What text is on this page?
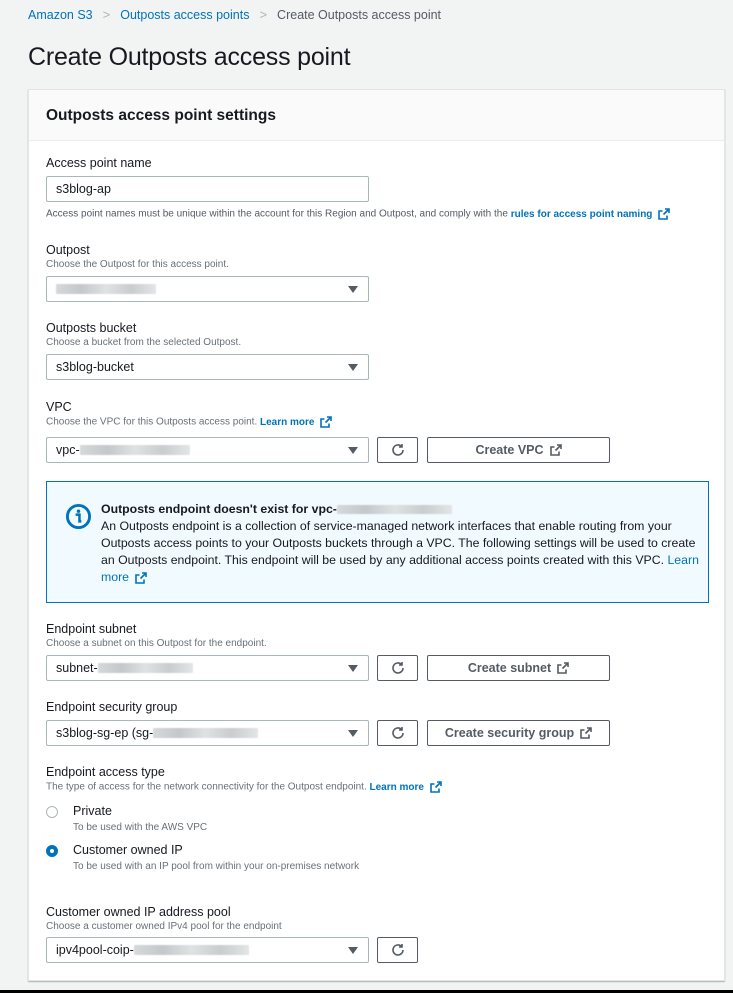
Amazon S3 > Outposts access points > Create Outposts access point
Create Outposts access point
Outposts access point settings
Access point name
s3blog-ap
Access point names must be unique within the account for this Region and Outpost, and comply with the rules for access point naming
Outpost
Choose the Outpost for this access point.
Outposts bucket
Choose a bucket from the selected Outpost.
s3blog-bucket
VPC
Choose the VPC for this Outposts access point. Learn more
vpc-	Create VPC
Outposts endpoint doesn't exist for vpc-
An Outposts endpoint is a collection of service-managed network interfaces that enable routing from your Outposts access points to your Outposts buckets through a VPC. The following settings will be used to create an Outposts endpoint. This endpoint will be used by any additional access points created with this VPC. Learn more
Endpoint subnet
Choose a subnet on this Outpost for the endpoint.
subnet-	Create subnet
Endpoint security group
s3blog-sg-ep (sg-	Create security group
Endpoint access type
The type of access for the network connectivity for the Outpost endpoint. Learn more
Private
To be used with the AWS VPC
Customer owned IP
To be used with an IP pool from within your on-premises network
Customer owned IP address pool
Choose a customer owned IPv4 pool for the endpoint
ipv4pool-coip-
